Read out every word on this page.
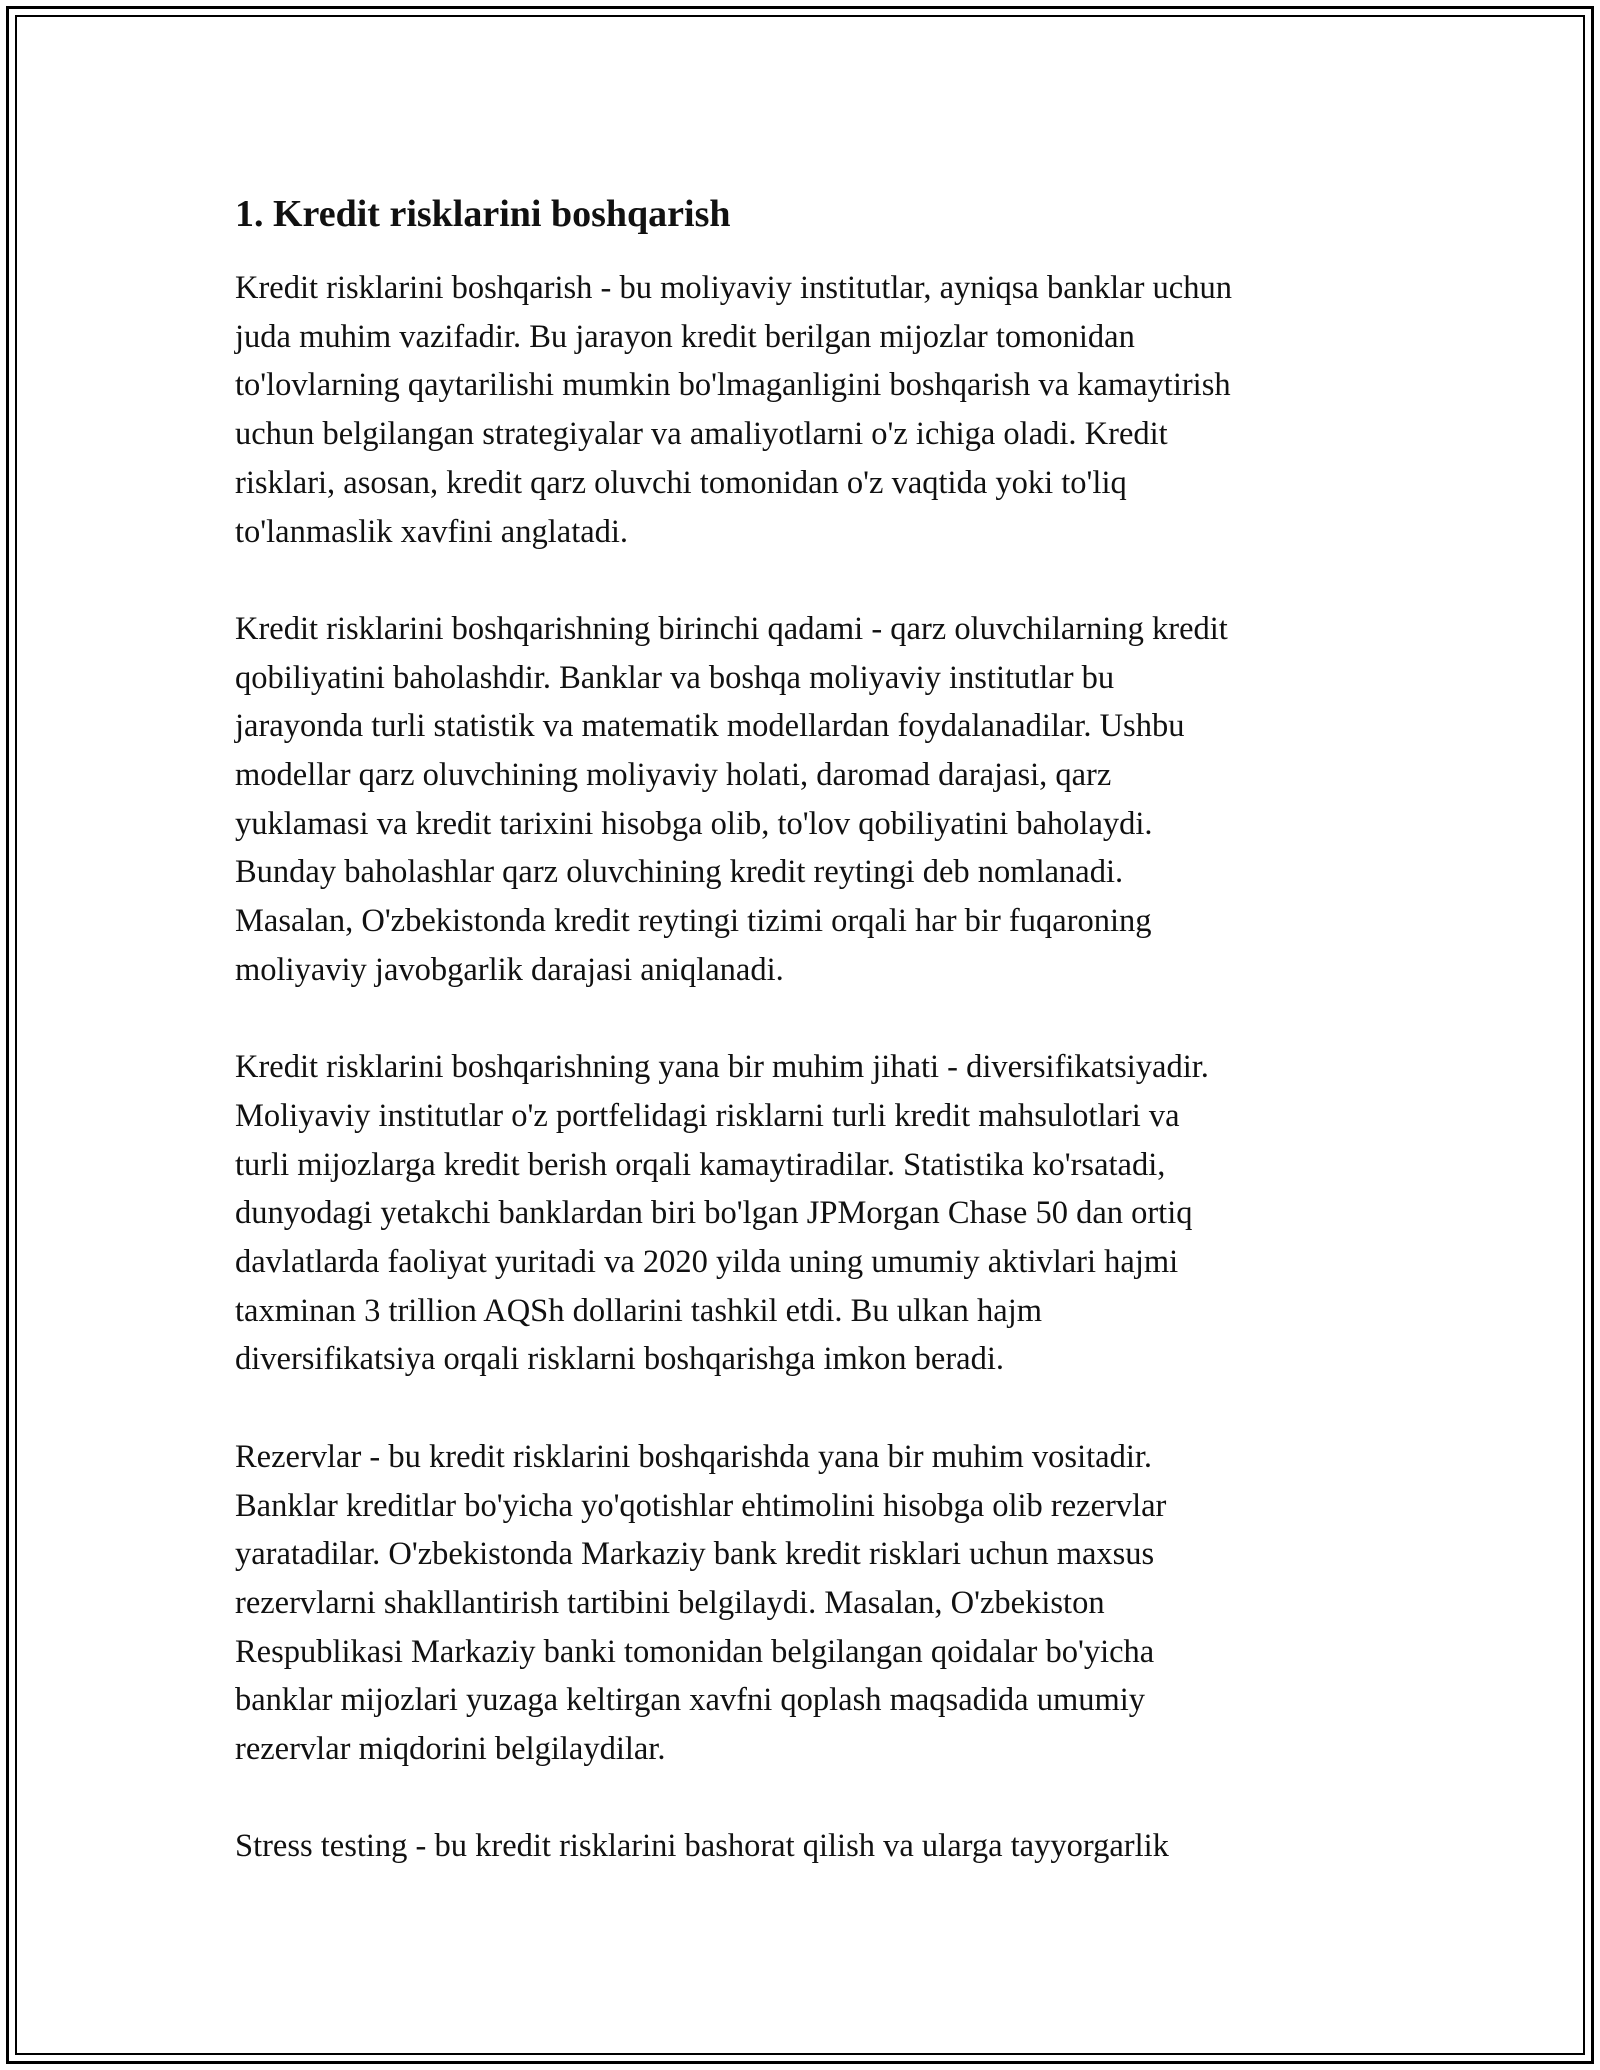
1. Kredit risklarini boshqarish

Kredit risklarini boshqarish - bu moliyaviy institutlar, ayniqsa banklar uchun
juda muhim vazifadir. Bu jarayon kredit berilgan mijozlar tomonidan
to'lovlarning qaytarilishi mumkin bo'lmaganligini boshqarish va kamaytirish
uchun belgilangan strategiyalar va amaliyotlarni o'z ichiga oladi. Kredit
risklari, asosan, kredit qarz oluvchi tomonidan o'z vaqtida yoki to'liq
to'lanmaslik xavfini anglatadi.

Kredit risklarini boshqarishning birinchi qadami - qarz oluvchilarning kredit
qobiliyatini baholashdir. Banklar va boshqa moliyaviy institutlar bu
jarayonda turli statistik va matematik modellardan foydalanadilar. Ushbu
modellar qarz oluvchining moliyaviy holati, daromad darajasi, qarz
yuklamasi va kredit tarixini hisobga olib, to'lov qobiliyatini baholaydi.
Bunday baholashlar qarz oluvchining kredit reytingi deb nomlanadi.
Masalan, O'zbekistonda kredit reytingi tizimi orqali har bir fuqaroning
moliyaviy javobgarlik darajasi aniqlanadi.

Kredit risklarini boshqarishning yana bir muhim jihati - diversifikatsiyadir.
Moliyaviy institutlar o'z portfelidagi risklarni turli kredit mahsulotlari va
turli mijozlarga kredit berish orqali kamaytiradilar. Statistika ko'rsatadi,
dunyodagi yetakchi banklardan biri bo'lgan JPMorgan Chase 50 dan ortiq
davlatlarda faoliyat yuritadi va 2020 yilda uning umumiy aktivlari hajmi
taxminan 3 trillion AQSh dollarini tashkil etdi. Bu ulkan hajm
diversifikatsiya orqali risklarni boshqarishga imkon beradi.

Rezervlar - bu kredit risklarini boshqarishda yana bir muhim vositadir.
Banklar kreditlar bo'yicha yo'qotishlar ehtimolini hisobga olib rezervlar
yaratadilar. O'zbekistonda Markaziy bank kredit risklari uchun maxsus
rezervlarni shakllantirish tartibini belgilaydi. Masalan, O'zbekiston
Respublikasi Markaziy banki tomonidan belgilangan qoidalar bo'yicha
banklar mijozlari yuzaga keltirgan xavfni qoplash maqsadida umumiy
rezervlar miqdorini belgilaydilar.

Stress testing - bu kredit risklarini bashorat qilish va ularga tayyorgarlik
